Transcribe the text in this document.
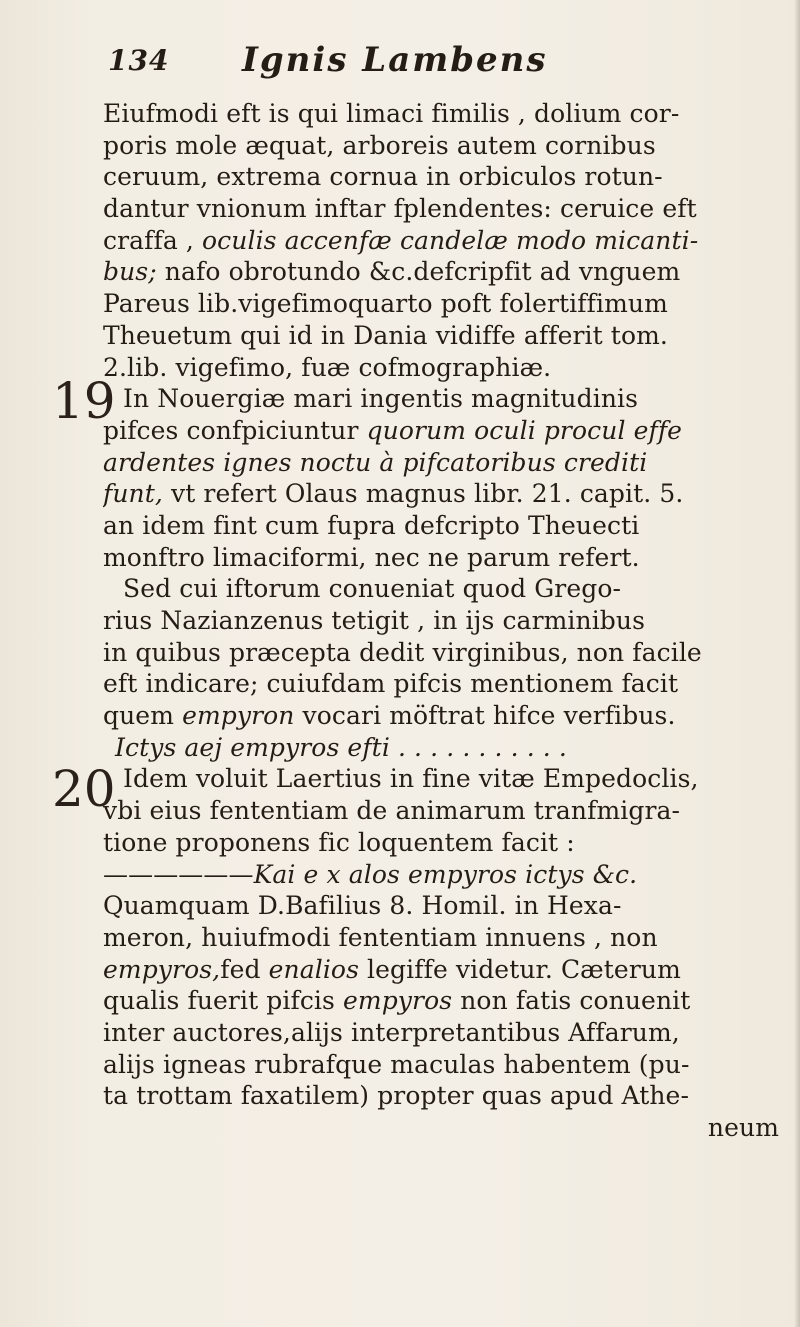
134 Ignis Lambens
19
20
Eiufmodi eft is qui limaci fimilis , dolium cor-
poris mole æquat, arboreis autem cornibus
ceruum, extrema cornua in orbiculos rotun-
dantur vnionum inftar fplendentes: ceruice eft
craffa , oculis accenfæ candelæ modo micanti-
bus; nafo obrotundo &c.defcripfit ad vnguem
Pareus lib.vigefimoquarto poft folertiffimum
Theuetum qui id in Dania vidiffe afferit tom.
2.lib. vigefimo, fuæ cofmographiæ.
In Nouergiæ mari ingentis magnitudinis
pifces confpiciuntur quorum oculi procul effe
ardentes ignes noctu à pifcatoribus crediti
funt, vt refert Olaus magnus libr. 21. capit. 5.
an idem fint cum fupra defcripto Theuecti
monftro limaciformi, nec ne parum refert.
Sed cui iftorum conueniat quod Grego-
rius Nazianzenus tetigit , in ijs carminibus
in quibus præcepta dedit virginibus, non facile
eft indicare; cuiufdam pifcis mentionem facit
quem empyron vocari möftrat hifce verfibus.
Ictys aej empyros efti . . . . . . . . . . .
Idem voluit Laertius in fine vitæ Empedoclis,
vbi eius fententiam de animarum tranfmigra-
tione proponens fic loquentem facit :
——————Kai e x alos empyros ictys &c.
Quamquam D.Bafilius 8. Homil. in Hexa-
meron, huiufmodi fententiam innuens , non
empyros,fed enalios legiffe videtur. Cæterum
qualis fuerit pifcis empyros non fatis conuenit
inter auctores,alijs interpretantibus Affarum,
alijs igneas rubrafque maculas habentem (pu-
ta trottam faxatilem) propter quas apud Athe-
neum
